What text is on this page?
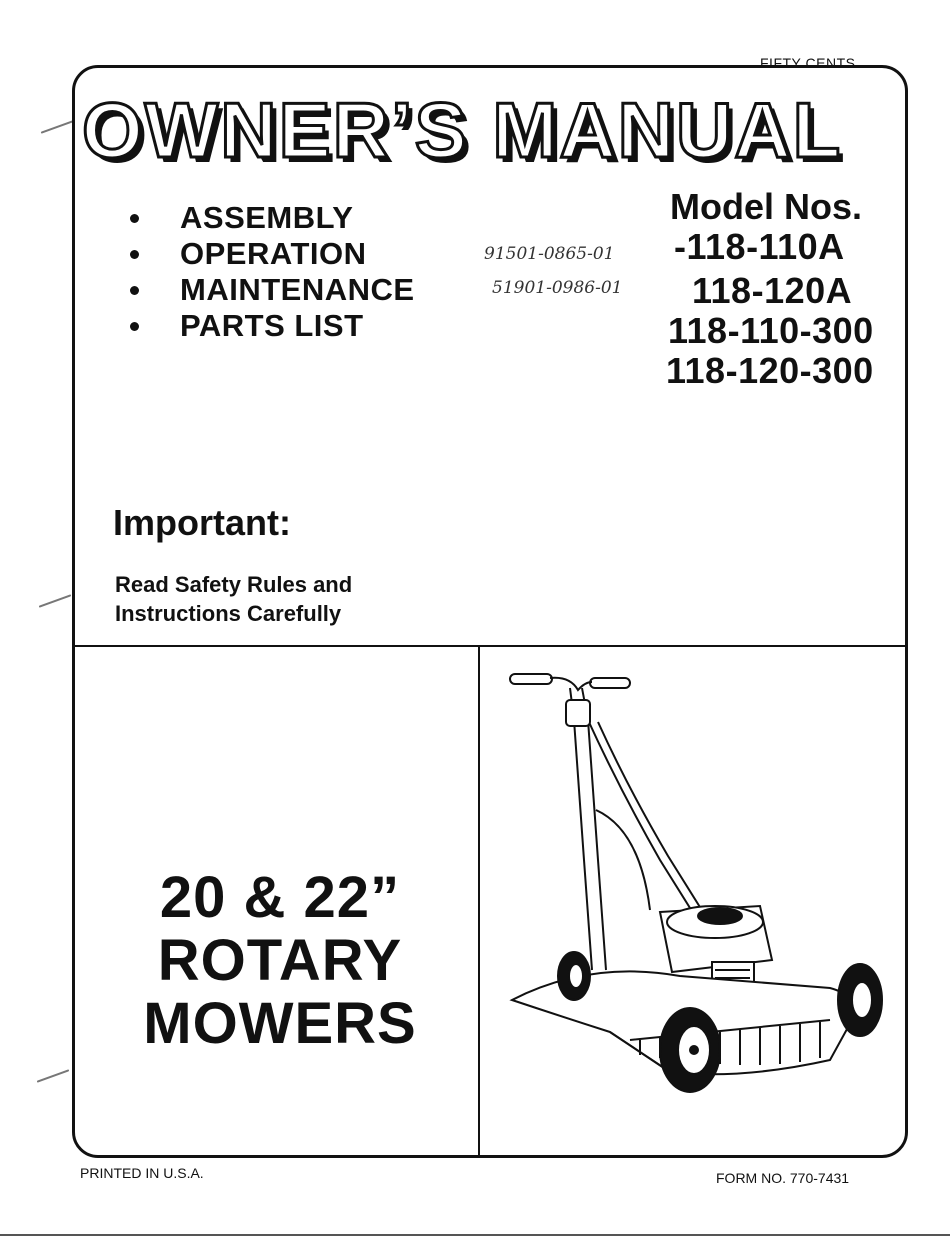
FIFTY CENTS
OWNER’S MANUAL
ASSEMBLY
OPERATION
MAINTENANCE
PARTS LIST
Model Nos.
91501-0865-01
51901-0986-01
-118-110A
118-120A
118-110-300
118-120-300
Important:
Read Safety Rules and
Instructions Carefully
20 & 22”
ROTARY
MOWERS
PRINTED IN U.S.A.	FORM NO. 770-7431
